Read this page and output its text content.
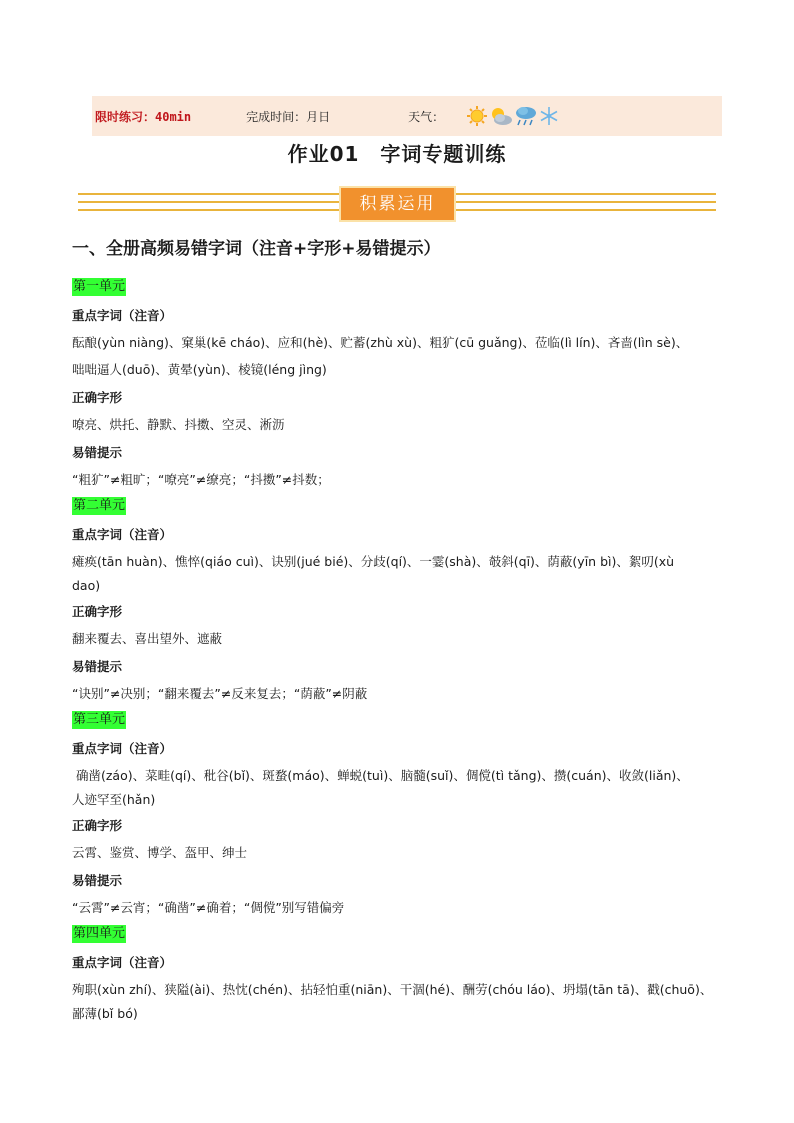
限时练习：40min	完成时间：月日	天气：
作业01　字词专题训练
积累运用
一、全册高频易错字词（注音+字形+易错提示）
第一单元
重点字词（注音）
酝酿(yùn niàng)、窠巢(kē cháo)、应和(hè)、贮蓄(zhù xù)、粗犷(cū guǎng)、莅临(lì lín)、吝啬(lìn sè)、
咄咄逼人(duō)、黄晕(yùn)、棱镜(léng jìng)
正确字形
嘹亮、烘托、静默、抖擞、空灵、淅沥
易错提示
“粗犷”≠粗旷；“嘹亮”≠缭亮；“抖擞”≠抖数；
第二单元
重点字词（注音）
瘫痪(tān huàn)、憔悴(qiáo cuì)、诀别(jué bié)、分歧(qí)、一霎(shà)、攲斜(qī)、荫蔽(yīn bì)、絮叨(xù
dao)
正确字形
翻来覆去、喜出望外、遮蔽
易错提示
“诀别”≠决别；“翻来覆去”≠反来复去；“荫蔽”≠阴蔽
第三单元
重点字词（注音）
确凿(záo)、菜畦(qí)、秕谷(bǐ)、斑蝥(máo)、蝉蜕(tuì)、脑髓(suǐ)、倜傥(tì tǎng)、攒(cuán)、收敛(liǎn)、
人迹罕至(hǎn)
正确字形
云霄、鉴赏、博学、盔甲、绅士
易错提示
“云霄”≠云宵；“确凿”≠确着；“倜傥”别写错偏旁
第四单元
重点字词（注音）
殉职(xùn zhí)、狭隘(ài)、热忱(chén)、拈轻怕重(niān)、干涸(hé)、酬劳(chóu láo)、坍塌(tān tā)、戳(chuō)、
鄙薄(bǐ bó)
